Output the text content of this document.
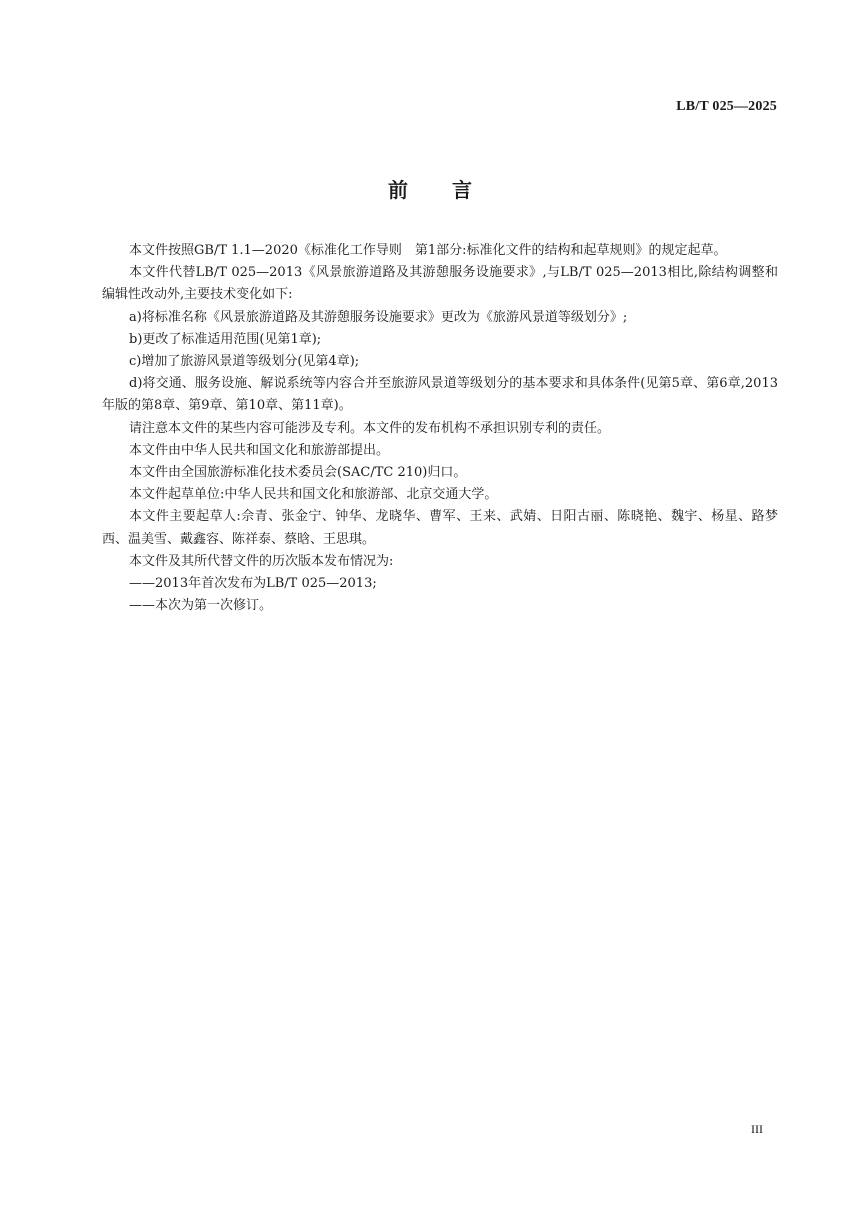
LB/T 025—2025
前言

本文件按照GB/T 1.1—2020《标准化工作导则　第1部分:标准化文件的结构和起草规则》的规定起草。

本文件代替LB/T 025—2013《风景旅游道路及其游憩服务设施要求》,与LB/T 025—2013相比,除结构调整和编辑性改动外,主要技术变化如下:

a)将标准名称《风景旅游道路及其游憩服务设施要求》更改为《旅游风景道等级划分》;

b)更改了标准适用范围(见第1章);

c)增加了旅游风景道等级划分(见第4章);

d)将交通、服务设施、解说系统等内容合并至旅游风景道等级划分的基本要求和具体条件(见第5章、第6章,2013年版的第8章、第9章、第10章、第11章)。

请注意本文件的某些内容可能涉及专利。本文件的发布机构不承担识别专利的责任。

本文件由中华人民共和国文化和旅游部提出。

本文件由全国旅游标准化技术委员会(SAC/TC 210)归口。

本文件起草单位:中华人民共和国文化和旅游部、北京交通大学。

本文件主要起草人:佘青、张金宁、钟华、龙晓华、曹军、王来、武婧、日阳古丽、陈晓艳、魏宇、杨星、路梦西、温美雪、戴鑫容、陈祥泰、蔡晗、王思琪。

本文件及其所代替文件的历次版本发布情况为:

——2013年首次发布为LB/T 025—2013;

——本次为第一次修订。

III
